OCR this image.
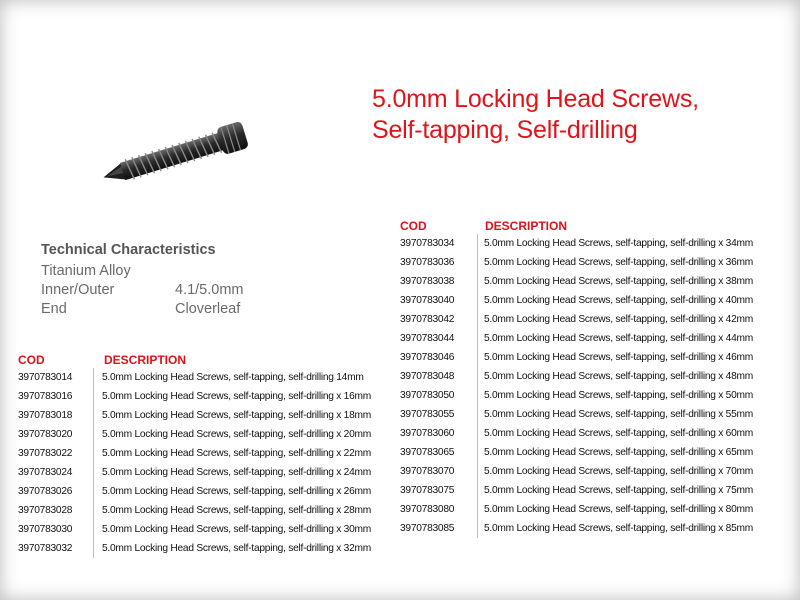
5.0mm Locking Head Screws,
Self-tapping, Self-drilling
Technical Characteristics
Titanium Alloy
Inner/Outer	4.1/5.0mm
End	Cloverleaf
COD	DESCRIPTION
3970783014	5.0mm Locking Head Screws, self-tapping, self-drilling 14mm
3970783016	5.0mm Locking Head Screws, self-tapping, self-drilling x 16mm
3970783018	5.0mm Locking Head Screws, self-tapping, self-drilling x 18mm
3970783020	5.0mm Locking Head Screws, self-tapping, self-drilling x 20mm
3970783022	5.0mm Locking Head Screws, self-tapping, self-drilling x 22mm
3970783024	5.0mm Locking Head Screws, self-tapping, self-drilling x 24mm
3970783026	5.0mm Locking Head Screws, self-tapping, self-drilling x 26mm
3970783028	5.0mm Locking Head Screws, self-tapping, self-drilling x 28mm
3970783030	5.0mm Locking Head Screws, self-tapping, self-drilling x 30mm
3970783032	5.0mm Locking Head Screws, self-tapping, self-drilling x 32mm
COD	DESCRIPTION
3970783034	5.0mm Locking Head Screws, self-tapping, self-drilling x 34mm
3970783036	5.0mm Locking Head Screws, self-tapping, self-drilling x 36mm
3970783038	5.0mm Locking Head Screws, self-tapping, self-drilling x 38mm
3970783040	5.0mm Locking Head Screws, self-tapping, self-drilling x 40mm
3970783042	5.0mm Locking Head Screws, self-tapping, self-drilling x 42mm
3970783044	5.0mm Locking Head Screws, self-tapping, self-drilling x 44mm
3970783046	5.0mm Locking Head Screws, self-tapping, self-drilling x 46mm
3970783048	5.0mm Locking Head Screws, self-tapping, self-drilling x 48mm
3970783050	5.0mm Locking Head Screws, self-tapping, self-drilling x 50mm
3970783055	5.0mm Locking Head Screws, self-tapping, self-drilling x 55mm
3970783060	5.0mm Locking Head Screws, self-tapping, self-drilling x 60mm
3970783065	5.0mm Locking Head Screws, self-tapping, self-drilling x 65mm
3970783070	5.0mm Locking Head Screws, self-tapping, self-drilling x 70mm
3970783075	5.0mm Locking Head Screws, self-tapping, self-drilling x 75mm
3970783080	5.0mm Locking Head Screws, self-tapping, self-drilling x 80mm
3970783085	5.0mm Locking Head Screws, self-tapping, self-drilling x 85mm
